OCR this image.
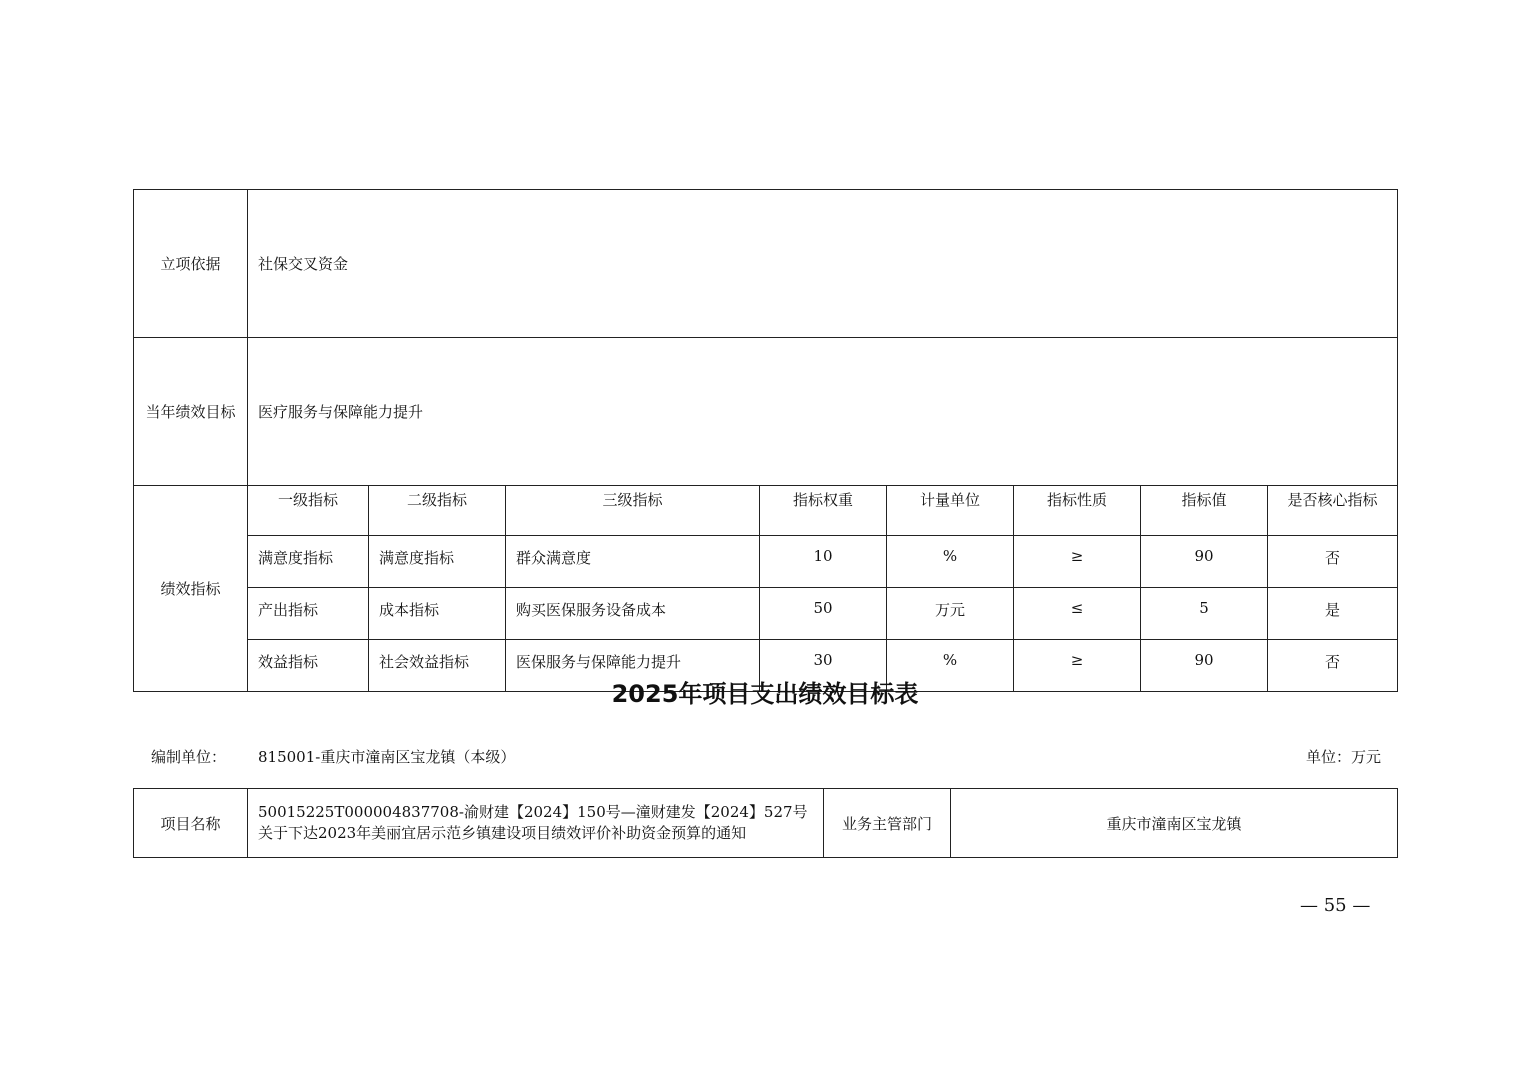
立项依据	社保交叉资金							
当年绩效目标	医疗服务与保障能力提升							
绩效指标	一级指标	二级指标	三级指标	指标权重	计量单位	指标性质	指标值	是否核心指标
	满意度指标	满意度指标	群众满意度	10	%	≥	90	否
	产出指标	成本指标	购买医保服务设备成本	50	万元	≤	5	是
	效益指标	社会效益指标	医保服务与保障能力提升	30	%	≥	90	否
2025年项目支出绩效目标表
编制单位： 815001-重庆市潼南区宝龙镇（本级）	单位：万元
项目名称	50015225T000004837708-渝财建【2024】150号—潼财建发【2024】527号关于下达2023年美丽宜居示范乡镇建设项目绩效评价补助资金预算的通知	业务主管部门	重庆市潼南区宝龙镇
— 55 —
